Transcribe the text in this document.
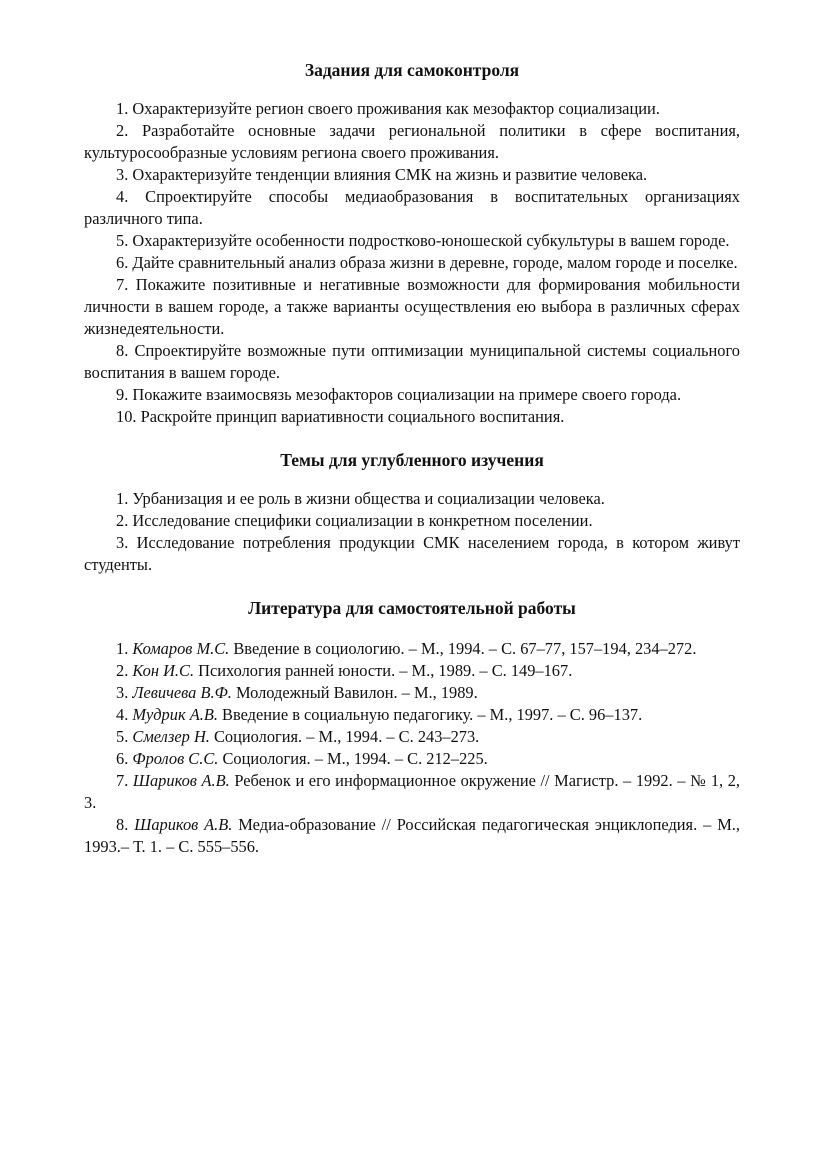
Задания для самоконтроля

1. Охарактеризуйте регион своего проживания как мезофактор социализации.

2. Разработайте основные задачи региональной политики в сфере воспитания, культуросообразные условиям региона своего проживания.

3. Охарактеризуйте тенденции влияния СМК на жизнь и развитие человека.

4. Спроектируйте способы медиаобразования в воспитательных организациях различного типа.

5. Охарактеризуйте особенности подростково-юношеской субкультуры в вашем городе.

6. Дайте сравнительный анализ образа жизни в деревне, городе, малом городе и поселке.

7. Покажите позитивные и негативные возможности для формирования мобильности личности в вашем городе, а также варианты осуществления ею выбора в различных сферах жизнедеятельности.

8. Спроектируйте возможные пути оптимизации муниципальной системы социального воспитания в вашем городе.

9. Покажите взаимосвязь мезофакторов социализации на примере своего города.

10. Раскройте принцип вариативности социального воспитания.

Темы для углубленного изучения

1. Урбанизация и ее роль в жизни общества и социализации человека.

2. Исследование специфики социализации в конкретном поселении.

3. Исследование потребления продукции СМК населением города, в котором живут студенты.

Литература для самостоятельной работы

1. Комаров М.С. Введение в социологию. – М., 1994. – С. 67–77, 157–194, 234–272.

2. Кон И.С. Психология ранней юности. – М., 1989. – С. 149–167.

3. Левичева В.Ф. Молодежный Вавилон. – М., 1989.

4. Мудрик А.В. Введение в социальную педагогику. – М., 1997. – С. 96–137.

5. Смелзер Н. Социология. – М., 1994. – С. 243–273.

6. Фролов С.С. Социология. – М., 1994. – С. 212–225.

7. Шариков А.В. Ребенок и его информационное окружение // Магистр. – 1992. – № 1, 2, 3.

8. Шариков А.В. Медиа-образование // Российская педагогическая энциклопедия. – М., 1993.– Т. 1. – С. 555–556.
